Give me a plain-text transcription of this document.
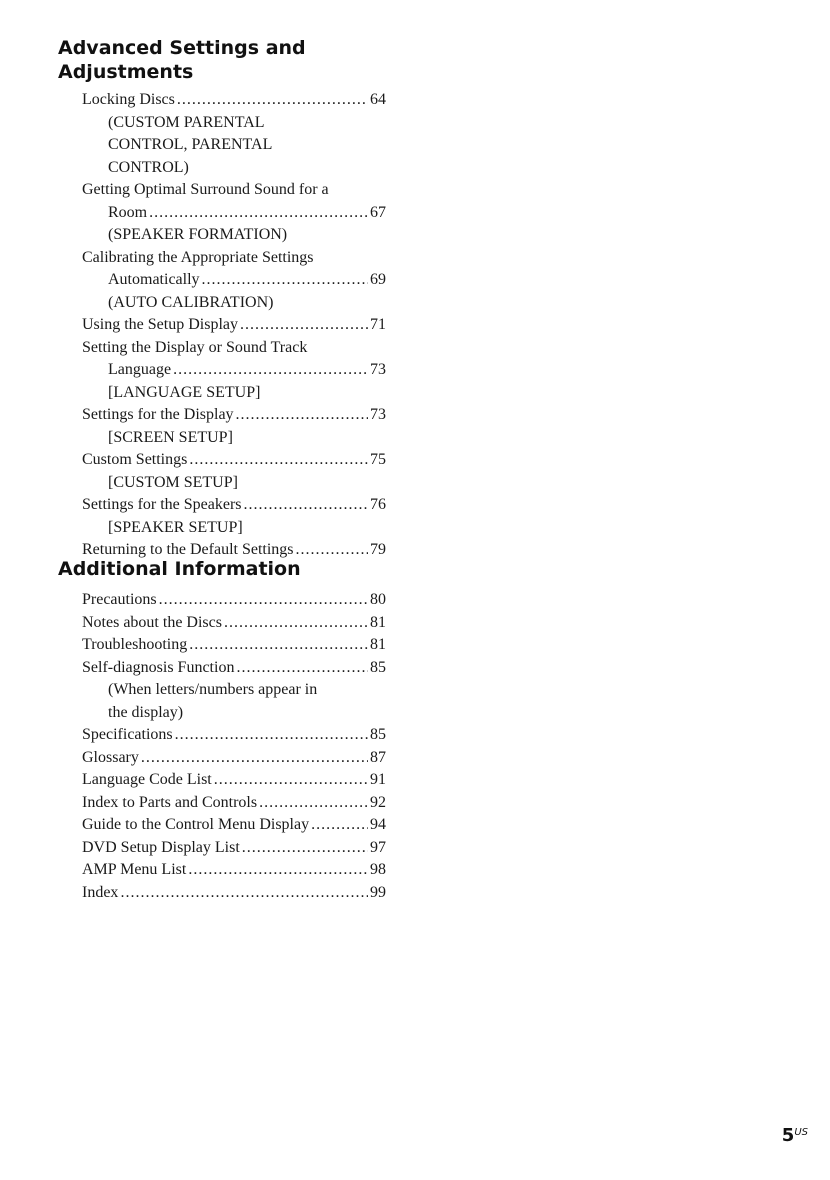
Advanced Settings and
Adjustments
Locking Discs . . .	64
(CUSTOM PARENTAL
CONTROL, PARENTAL
CONTROL)
Getting Optimal Surround Sound for a
Room . . .	67
(SPEAKER FORMATION)
Calibrating the Appropriate Settings
Automatically . . .	69
(AUTO CALIBRATION)
Using the Setup Display . . .	71
Setting the Display or Sound Track
Language . . .	73
[LANGUAGE SETUP]
Settings for the Display . . .	73
[SCREEN SETUP]
Custom Settings . . .	75
[CUSTOM SETUP]
Settings for the Speakers . . .	76
[SPEAKER SETUP]
Returning to the Default Settings . . .	79
Additional Information
Precautions . . .	80
Notes about the Discs . . .	81
Troubleshooting . . .	81
Self-diagnosis Function . . .	85
(When letters/numbers appear in
the display)
Specifications . . .	85
Glossary . . .	87
Language Code List . . .	91
Index to Parts and Controls . . .	92
Guide to the Control Menu Display . . .	94
DVD Setup Display List . . .	97
AMP Menu List . . .	98
Index . . .	99
$5^{US}$
